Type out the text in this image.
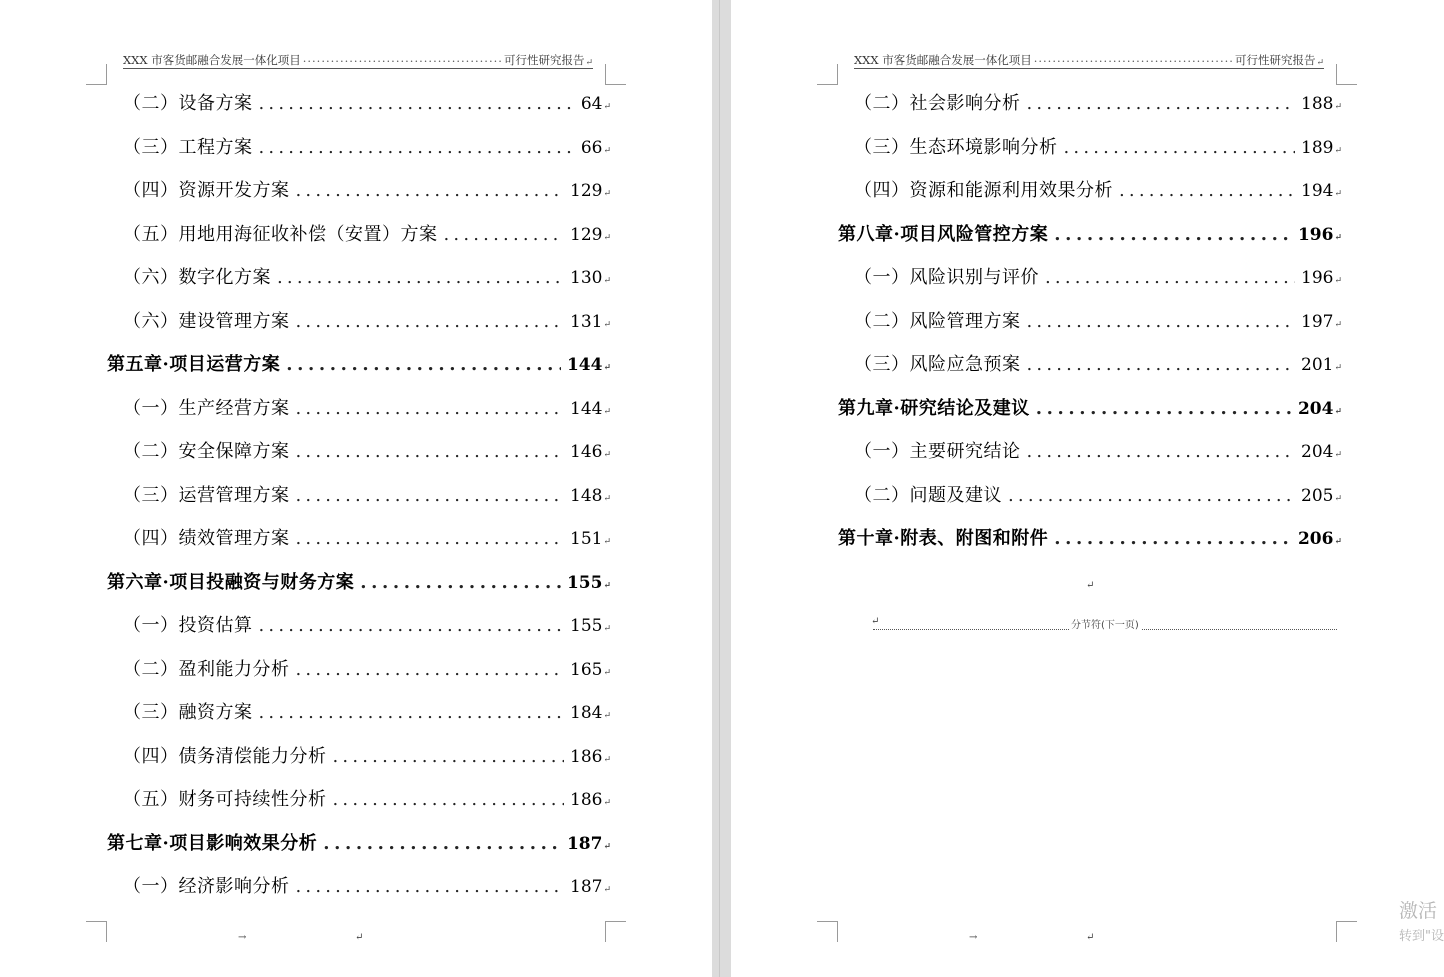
XXX 市客货邮融合发展一体化项目 ·····	可行性研究报告 ↵
（二）设备方案 .....	64 ↵
（三）工程方案 .....	66 ↵
（四）资源开发方案 .....	129 ↵
（五）用地用海征收补偿（安置）方案 .....	129 ↵
（六）数字化方案 .....	130 ↵
（六）建设管理方案 .....	131 ↵
第五章·项目运营方案 .....	144 ↵
（一）生产经营方案 .....	144 ↵
（二）安全保障方案 .....	146 ↵
（三）运营管理方案 .....	148 ↵
（四）绩效管理方案 .....	151 ↵
第六章·项目投融资与财务方案 .....	155 ↵
（一）投资估算 .....	155 ↵
（二）盈利能力分析 .....	165 ↵
（三）融资方案 .....	184 ↵
（四）债务清偿能力分析 .....	186 ↵
（五）财务可持续性分析 .....	186 ↵
第七章·项目影响效果分析 .....	187 ↵
（一）经济影响分析 .....	187 ↵
→	↵
XXX 市客货邮融合发展一体化项目 ·····	可行性研究报告 ↵
（二）社会影响分析 .....	188 ↵
（三）生态环境影响分析 .....	189 ↵
（四）资源和能源利用效果分析 .....	194 ↵
第八章·项目风险管控方案 .....	196 ↵
（一）风险识别与评价 .....	196 ↵
（二）风险管理方案 .....	197 ↵
（三）风险应急预案 .....	201 ↵
第九章·研究结论及建议 .....	204 ↵
（一）主要研究结论 .....	204 ↵
（二）问题及建议 .....	205 ↵
第十章·附表、附图和附件 .....	206 ↵
↵
↵	分节符(下一页)
→	↵
激活
转到"设
